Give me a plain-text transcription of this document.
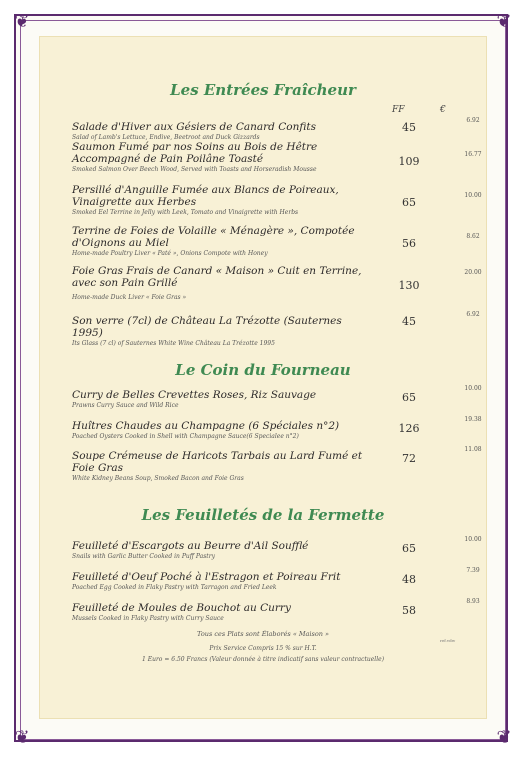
❦	❦
❦	❦
Les Entrées Fraîcheur
FF	€
Salade d'Hiver aux Gésiers de Canard Confits
Salad of Lamb's Lettuce, Endive, Beetroot and Duck Gizzards
45
6.92
Saumon Fumé par nos Soins au Bois de Hêtre Accompagné de Pain Poilâne Toasté
Smoked Salmon Over Beech Wood, Served with Toasts and Horseradish Mousse
109
16.77
Persillé d'Anguille Fumée aux Blancs de Poireaux, Vinaigrette aux Herbes
Smoked Eel Terrine in Jelly with Leek, Tomato and Vinaigrette with Herbs
65
10.00
Terrine de Foies de Volaille « Ménagère », Compotée d'Oignons au Miel
Home-made Poultry Liver « Paté », Onions Compote with Honey
56
8.62
Foie Gras Frais de Canard « Maison » Cuit en Terrine, avec son Pain Grillé
Home-made Duck Liver « Foie Gras »
130
20.00
Son verre (7cl) de Château La Trézotte (Sauternes 1995)
Its Glass (7 cl) of Sauternes White Wine Château La Trézotte 1995
45
6.92
Le Coin du Fourneau
Curry de Belles Crevettes Roses, Riz Sauvage
Prawns Curry Sauce and Wild Rice
65
10.00
Huîtres Chaudes au Champagne (6 Spéciales n°2)
Poached Oysters Cooked in Shell with Champagne Sauce(6 Specialee n°2)
126
19.38
Soupe Crémeuse de Haricots Tarbais au Lard Fumé et Foie Gras
White Kidney Beans Soup, Smoked Bacon and Foie Gras
72
11.08
Les Feuilletés de la Fermette
Feuilleté d'Escargots au Beurre d'Ail Soufflé
Snails with Garlic Butter Cooked in Puff Pastry
65
10.00
Feuilleté d'Oeuf Poché à l'Estragon et Poireau Frit
Poached Egg Cooked in Flaky Pastry with Tarragon and Fried Leek
48
7.39
Feuilleté de Moules de Bouchot au Curry
Mussels Cooked in Flaky Pastry with Curry Sauce
58
8.93
Tous ces Plats sont Élaborés « Maison »
Prix Service Compris 15 % sur H.T.
1 Euro = 6.50 Francs (Valeur donnée à titre indicatif sans valeur contractuelle)
ref.vdw
